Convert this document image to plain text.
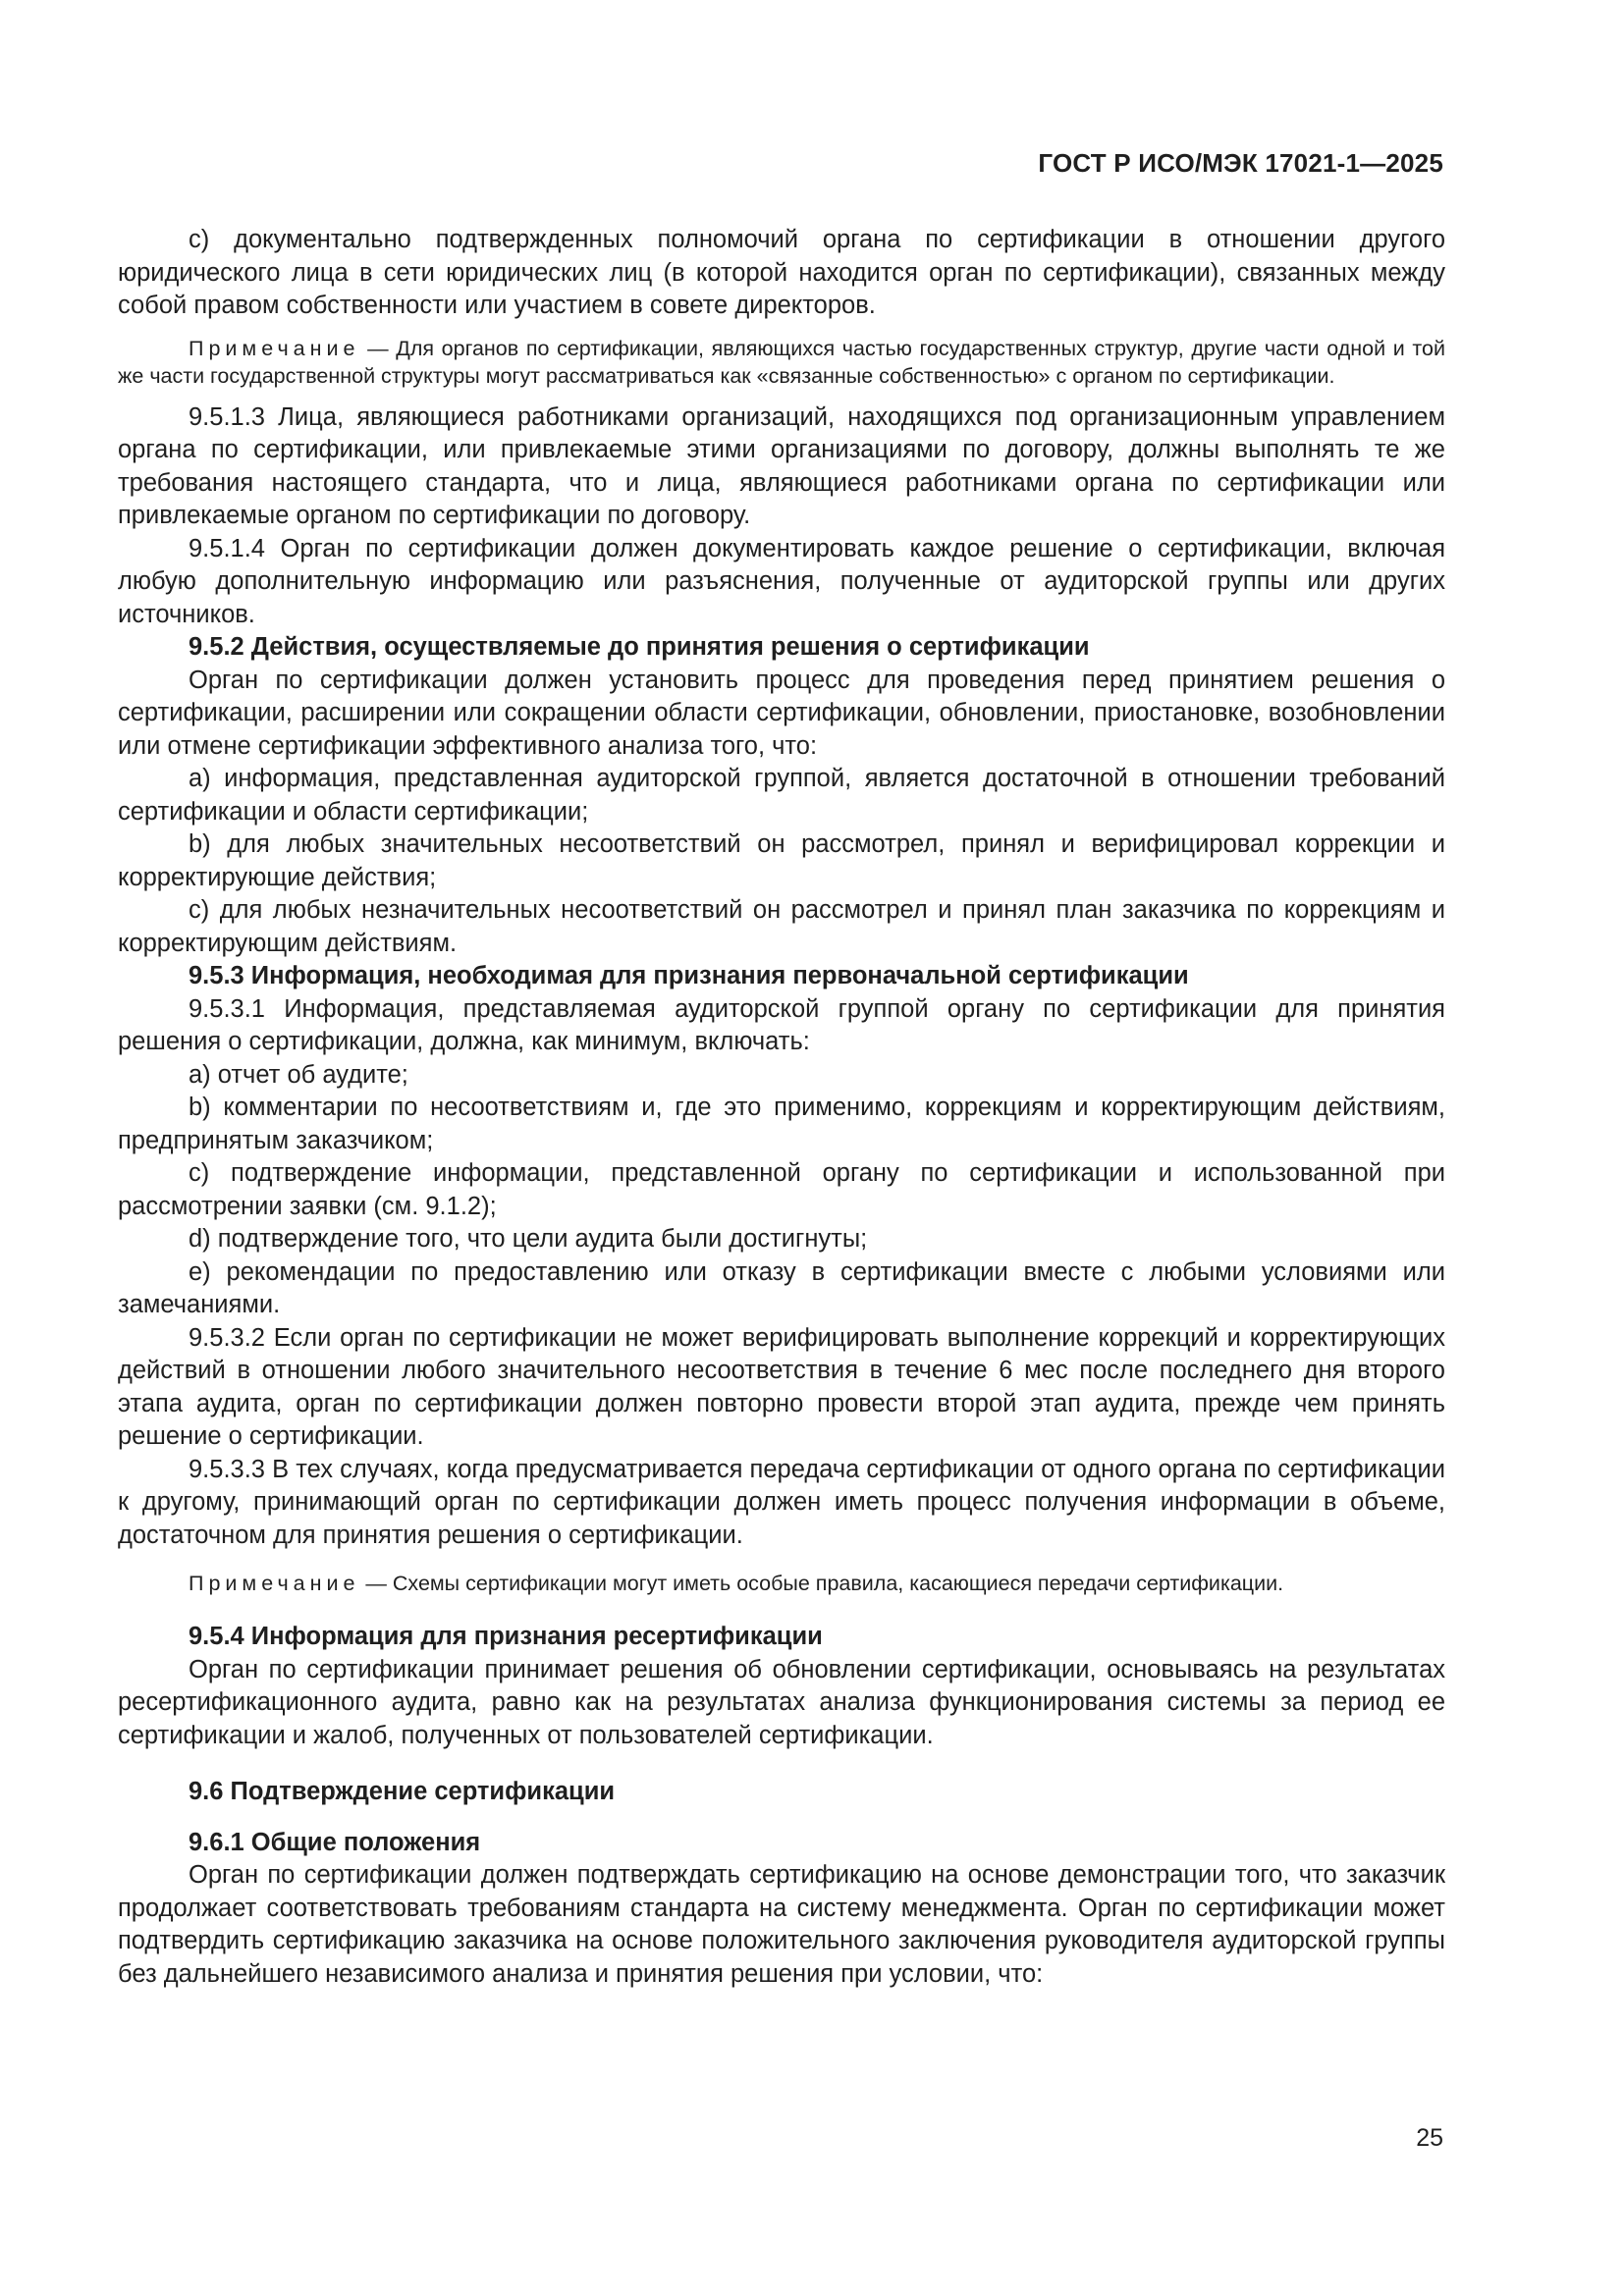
ГОСТ Р ИСО/МЭК 17021-1—2025

c) документально подтвержденных полномочий органа по сертификации в отношении другого юридического лица в сети юридических лиц (в которой находится орган по сертификации), связанных между собой правом собственности или участием в совете директоров.

Примечание — Для органов по сертификации, являющихся частью государственных структур, другие части одной и той же части государственной структуры могут рассматриваться как «связанные собственностью» с органом по сертификации.

9.5.1.3 Лица, являющиеся работниками организаций, находящихся под организационным управлением органа по сертификации, или привлекаемые этими организациями по договору, должны выполнять те же требования настоящего стандарта, что и лица, являющиеся работниками органа по сертификации или привлекаемые органом по сертификации по договору.

9.5.1.4 Орган по сертификации должен документировать каждое решение о сертификации, включая любую дополнительную информацию или разъяснения, полученные от аудиторской группы или других источников.

9.5.2 Действия, осуществляемые до принятия решения о сертификации

Орган по сертификации должен установить процесс для проведения перед принятием решения о сертификации, расширении или сокращении области сертификации, обновлении, приостановке, возобновлении или отмене сертификации эффективного анализа того, что:

a) информация, представленная аудиторской группой, является достаточной в отношении требований сертификации и области сертификации;

b) для любых значительных несоответствий он рассмотрел, принял и верифицировал коррекции и корректирующие действия;

c) для любых незначительных несоответствий он рассмотрел и принял план заказчика по коррекциям и корректирующим действиям.

9.5.3 Информация, необходимая для признания первоначальной сертификации

9.5.3.1 Информация, представляемая аудиторской группой органу по сертификации для принятия решения о сертификации, должна, как минимум, включать:

a) отчет об аудите;

b) комментарии по несоответствиям и, где это применимо, коррекциям и корректирующим действиям, предпринятым заказчиком;

c) подтверждение информации, представленной органу по сертификации и использованной при рассмотрении заявки (см. 9.1.2);

d) подтверждение того, что цели аудита были достигнуты;

e) рекомендации по предоставлению или отказу в сертификации вместе с любыми условиями или замечаниями.

9.5.3.2 Если орган по сертификации не может верифицировать выполнение коррекций и корректирующих действий в отношении любого значительного несоответствия в течение 6 мес после последнего дня второго этапа аудита, орган по сертификации должен повторно провести второй этап аудита, прежде чем принять решение о сертификации.

9.5.3.3 В тех случаях, когда предусматривается передача сертификации от одного органа по сертификации к другому, принимающий орган по сертификации должен иметь процесс получения информации в объеме, достаточном для принятия решения о сертификации.

Примечание — Схемы сертификации могут иметь особые правила, касающиеся передачи сертификации.

9.5.4 Информация для признания ресертификации

Орган по сертификации принимает решения об обновлении сертификации, основываясь на результатах ресертификационного аудита, равно как на результатах анализа функционирования системы за период ее сертификации и жалоб, полученных от пользователей сертификации.

9.6 Подтверждение сертификации

9.6.1 Общие положения

Орган по сертификации должен подтверждать сертификацию на основе демонстрации того, что заказчик продолжает соответствовать требованиям стандарта на систему менеджмента. Орган по сертификации может подтвердить сертификацию заказчика на основе положительного заключения руководителя аудиторской группы без дальнейшего независимого анализа и принятия решения при условии, что:

25
